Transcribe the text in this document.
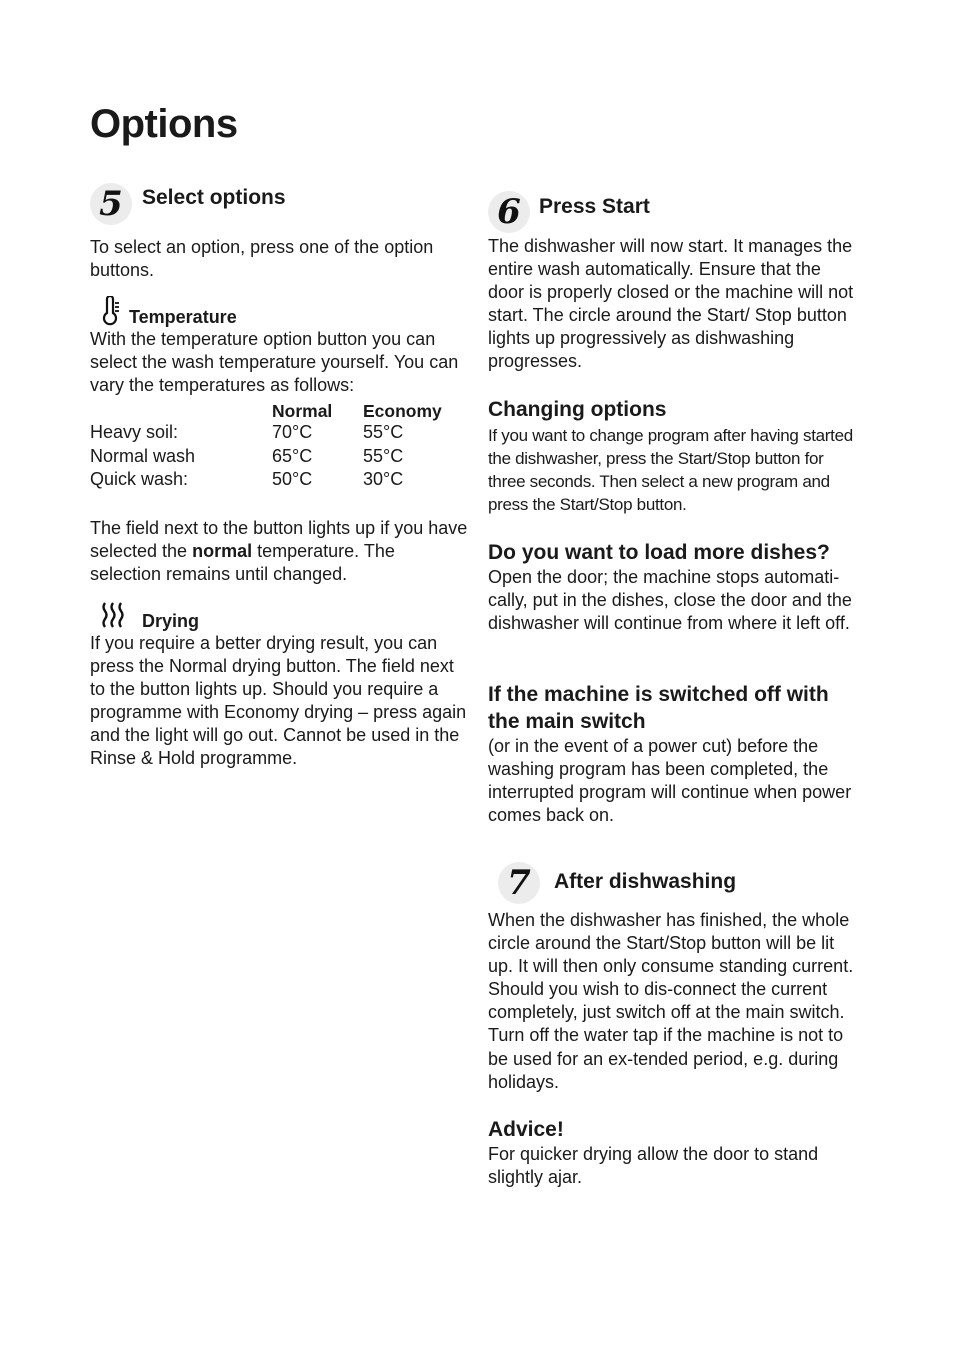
Options
5 Select options

To select an option, press one of the option buttons.

Temperature

With the temperature option button you can select the wash temperature yourself. You can vary the temperatures as follows:

	Normal	Economy
Heavy soil:	70°C	55°C
Normal wash	65°C	55°C
Quick wash:	50°C	30°C

The field next to the button lights up if you have selected the normal temperature. The selection remains until changed.

Drying

If you require a better drying result, you can press the Normal drying button. The field next to the button lights up. Should you require a programme with Economy drying – press again and the light will go out. Cannot be used in the Rinse & Hold programme.

6 Press Start

The dishwasher will now start. It manages the entire wash automatically. Ensure that the door is properly closed or the machine will not start. The circle around the Start/ Stop button lights up progressively as dishwashing progresses.

Changing options

If you want to change program after having started the dishwasher, press the Start/Stop button for three seconds. Then select a new program and press the Start/Stop button.

Do you want to load more dishes?

Open the door; the machine stops automati-cally, put in the dishes, close the door and the dishwasher will continue from where it left off.

If the machine is switched off with the main switch

(or in the event of a power cut) before the washing program has been completed, the interrupted program will continue when power comes back on.

7	After dishwashing

When the dishwasher has finished, the whole circle around the Start/Stop button will be lit up. It will then only consume standing current. Should you wish to dis-connect the current completely, just switch off at the main switch. Turn off the water tap if the machine is not to be used for an ex-tended period, e.g. during holidays.

Advice!

For quicker drying allow the door to stand slightly ajar.
